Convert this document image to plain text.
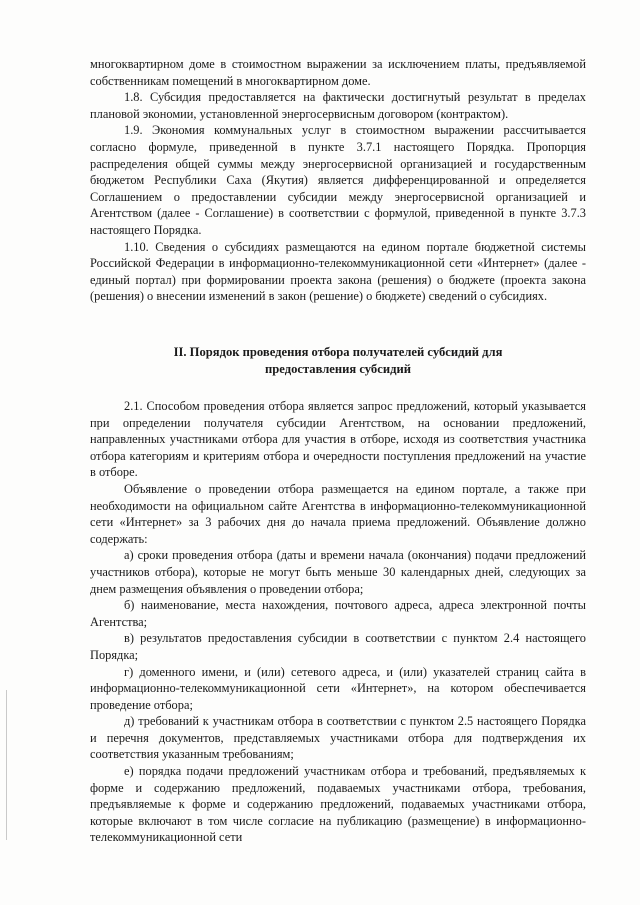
многоквартирном доме в стоимостном выражении за исключением платы, предъявляемой собственникам помещений в многоквартирном доме.

1.8. Субсидия предоставляется на фактически достигнутый результат в пределах плановой экономии, установленной энергосервисным договором (контрактом).

1.9. Экономия коммунальных услуг в стоимостном выражении рассчитывается согласно формуле, приведенной в пункте 3.7.1 настоящего Порядка. Пропорция распределения общей суммы между энергосервисной организацией и государственным бюджетом Республики Саха (Якутия) является дифференцированной и определяется Соглашением о предоставлении субсидии между энергосервисной организацией и Агентством (далее - Соглашение) в соответствии с формулой, приведенной в пункте 3.7.3 настоящего Порядка.

1.10. Сведения о субсидиях размещаются на едином портале бюджетной системы Российской Федерации в информационно-телекоммуникационной сети «Интернет» (далее - единый портал) при формировании проекта закона (решения) о бюджете (проекта закона (решения) о внесении изменений в закон (решение) о бюджете) сведений о субсидиях.

II. Порядок проведения отбора получателей субсидий для
предоставления субсидий

2.1. Способом проведения отбора является запрос предложений, который указывается при определении получателя субсидии Агентством, на основании предложений, направленных участниками отбора для участия в отборе, исходя из соответствия участника отбора категориям и критериям отбора и очередности поступления предложений на участие в отборе.

Объявление о проведении отбора размещается на едином портале, а также при необходимости на официальном сайте Агентства в информационно-телекоммуникационной сети «Интернет» за 3 рабочих дня до начала приема предложений. Объявление должно содержать:

а) сроки проведения отбора (даты и времени начала (окончания) подачи предложений участников отбора), которые не могут быть меньше 30 календарных дней, следующих за днем размещения объявления о проведении отбора;

б) наименование, места нахождения, почтового адреса, адреса электронной почты Агентства;

в) результатов предоставления субсидии в соответствии с пунктом 2.4 настоящего Порядка;

г) доменного имени, и (или) сетевого адреса, и (или) указателей страниц сайта в информационно-телекоммуникационной сети «Интернет», на котором обеспечивается проведение отбора;

д) требований к участникам отбора в соответствии с пунктом 2.5 настоящего Порядка и перечня документов, представляемых участниками отбора для подтверждения их соответствия указанным требованиям;

е) порядка подачи предложений участникам отбора и требований, предъявляемых к форме и содержанию предложений, подаваемых участниками отбора, требования, предъявляемые к форме и содержанию предложений, подаваемых участниками отбора, которые включают в том числе согласие на публикацию (размещение) в информационно-телекоммуникационной сети
